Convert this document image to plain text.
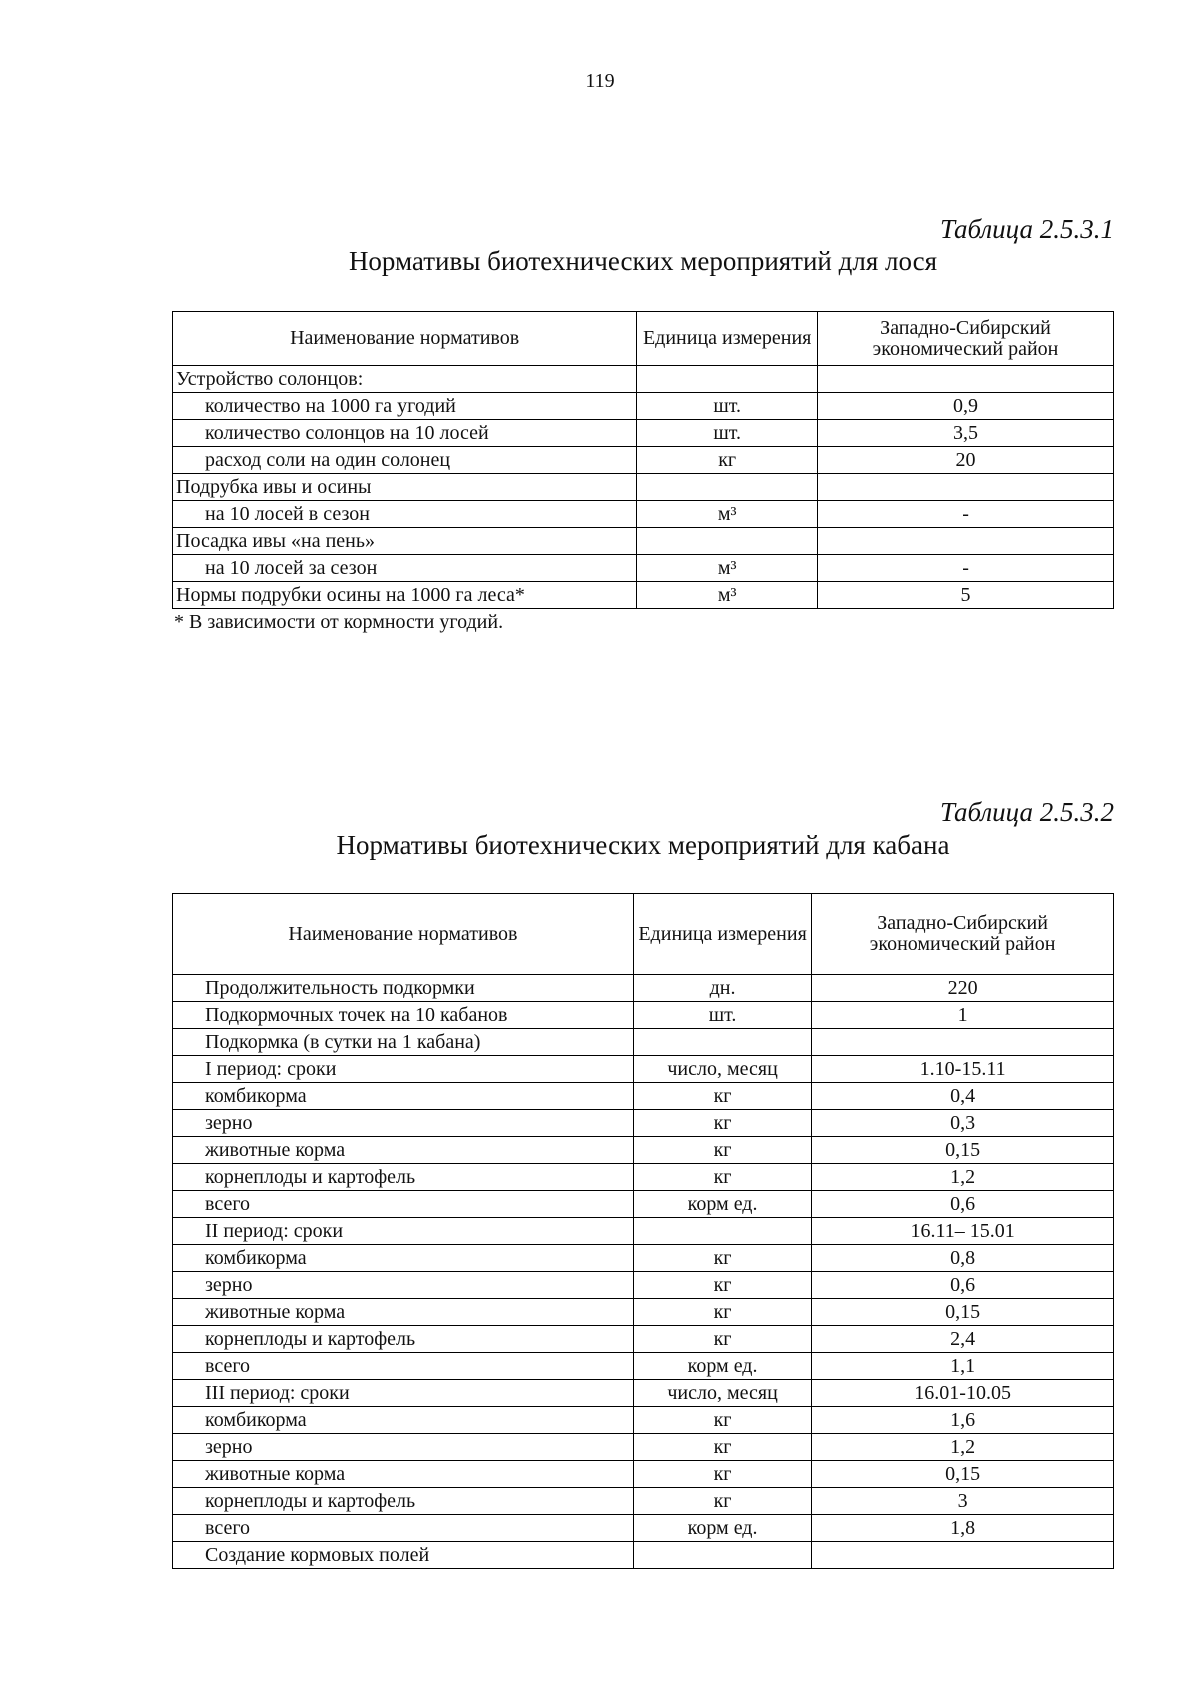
119
Таблица 2.5.3.1
Нормативы биотехнических мероприятий для лося
Наименование нормативов	Единица измерения	Западно-Сибирский экономический район
Устройство солонцов:		
количество на 1000 га угодий	шт.	0,9
количество солонцов на 10 лосей	шт.	3,5
расход соли на один солонец	кг	20
Подрубка ивы и осины		
на 10 лосей в сезон	м³	-
Посадка ивы «на пень»		
на 10 лосей за сезон	м³	-
Нормы подрубки осины на 1000 га леса*	м³	5
* В зависимости от кормности угодий.
Таблица 2.5.3.2
Нормативы биотехнических мероприятий для кабана
Наименование нормативов	Единица измерения	Западно-Сибирский экономический район
Продолжительность подкормки	дн.	220
Подкормочных точек на 10 кабанов	шт.	1
Подкормка (в сутки на 1 кабана)		
I период: сроки	число, месяц	1.10-15.11
комбикорма	кг	0,4
зерно	кг	0,3
животные корма	кг	0,15
корнеплоды и картофель	кг	1,2
всего	корм ед.	0,6
II период: сроки		16.11– 15.01
комбикорма	кг	0,8
зерно	кг	0,6
животные корма	кг	0,15
корнеплоды и картофель	кг	2,4
всего	корм ед.	1,1
III период: сроки	число, месяц	16.01-10.05
комбикорма	кг	1,6
зерно	кг	1,2
животные корма	кг	0,15
корнеплоды и картофель	кг	3
всего	корм ед.	1,8
Создание кормовых полей		
